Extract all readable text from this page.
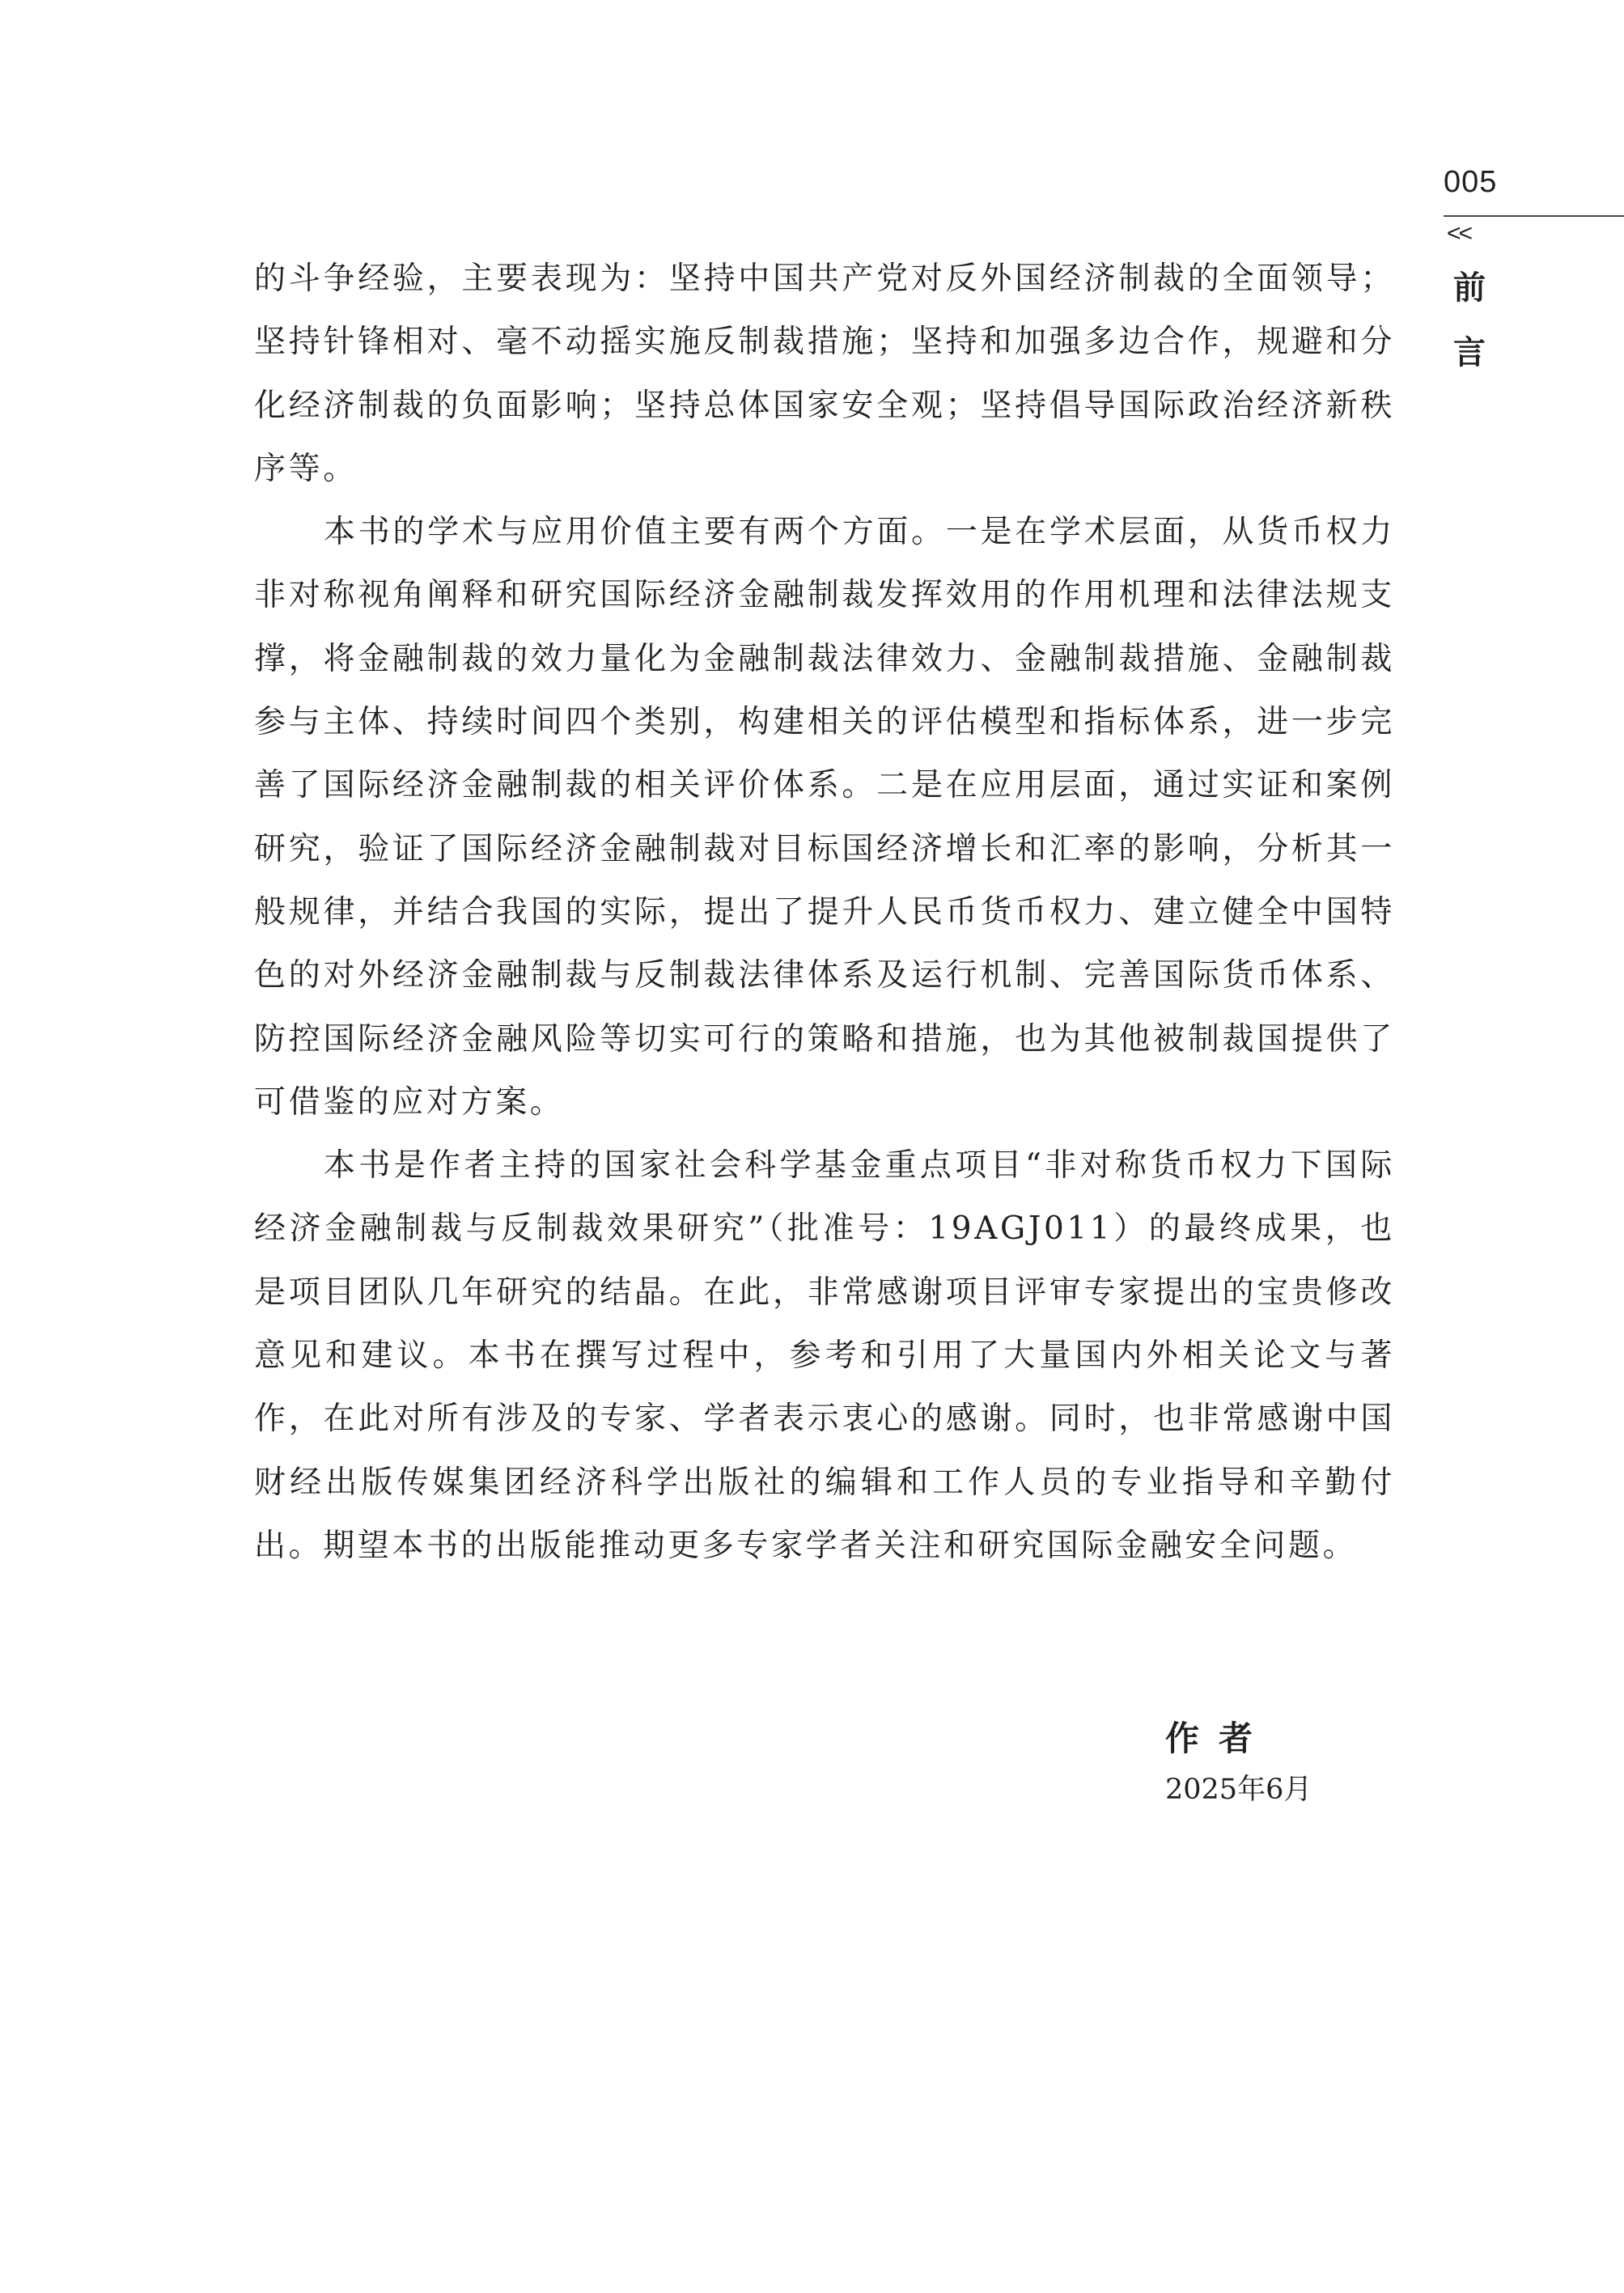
005
<<
前
言

的斗争经验，主要表现为：坚持中国共产党对反外国经济制裁的全面领导；坚持针锋相对、毫不动摇实施反制裁措施；坚持和加强多边合作，规避和分化经济制裁的负面影响；坚持总体国家安全观；坚持倡导国际政治经济新秩序等。

本书的学术与应用价值主要有两个方面。一是在学术层面，从货币权力非对称视角阐释和研究国际经济金融制裁发挥效用的作用机理和法律法规支撑，将金融制裁的效力量化为金融制裁法律效力、金融制裁措施、金融制裁参与主体、持续时间四个类别，构建相关的评估模型和指标体系，进一步完善了国际经济金融制裁的相关评价体系。二是在应用层面，通过实证和案例研究，验证了国际经济金融制裁对目标国经济增长和汇率的影响，分析其一般规律，并结合我国的实际，提出了提升人民币货币权力、建立健全中国特色的对外经济金融制裁与反制裁法律体系及运行机制、完善国际货币体系、防控国际经济金融风险等切实可行的策略和措施，也为其他被制裁国提供了可借鉴的应对方案。

本书是作者主持的国家社会科学基金重点项目“非对称货币权力下国际经济金融制裁与反制裁效果研究”（批准号：19AGJ011）的最终成果，也是项目团队几年研究的结晶。在此，非常感谢项目评审专家提出的宝贵修改意见和建议。本书在撰写过程中，参考和引用了大量国内外相关论文与著作，在此对所有涉及的专家、学者表示衷心的感谢。同时，也非常感谢中国财经出版传媒集团经济科学出版社的编辑和工作人员的专业指导和辛勤付出。期望本书的出版能推动更多专家学者关注和研究国际金融安全问题。

作者
2025年6月
